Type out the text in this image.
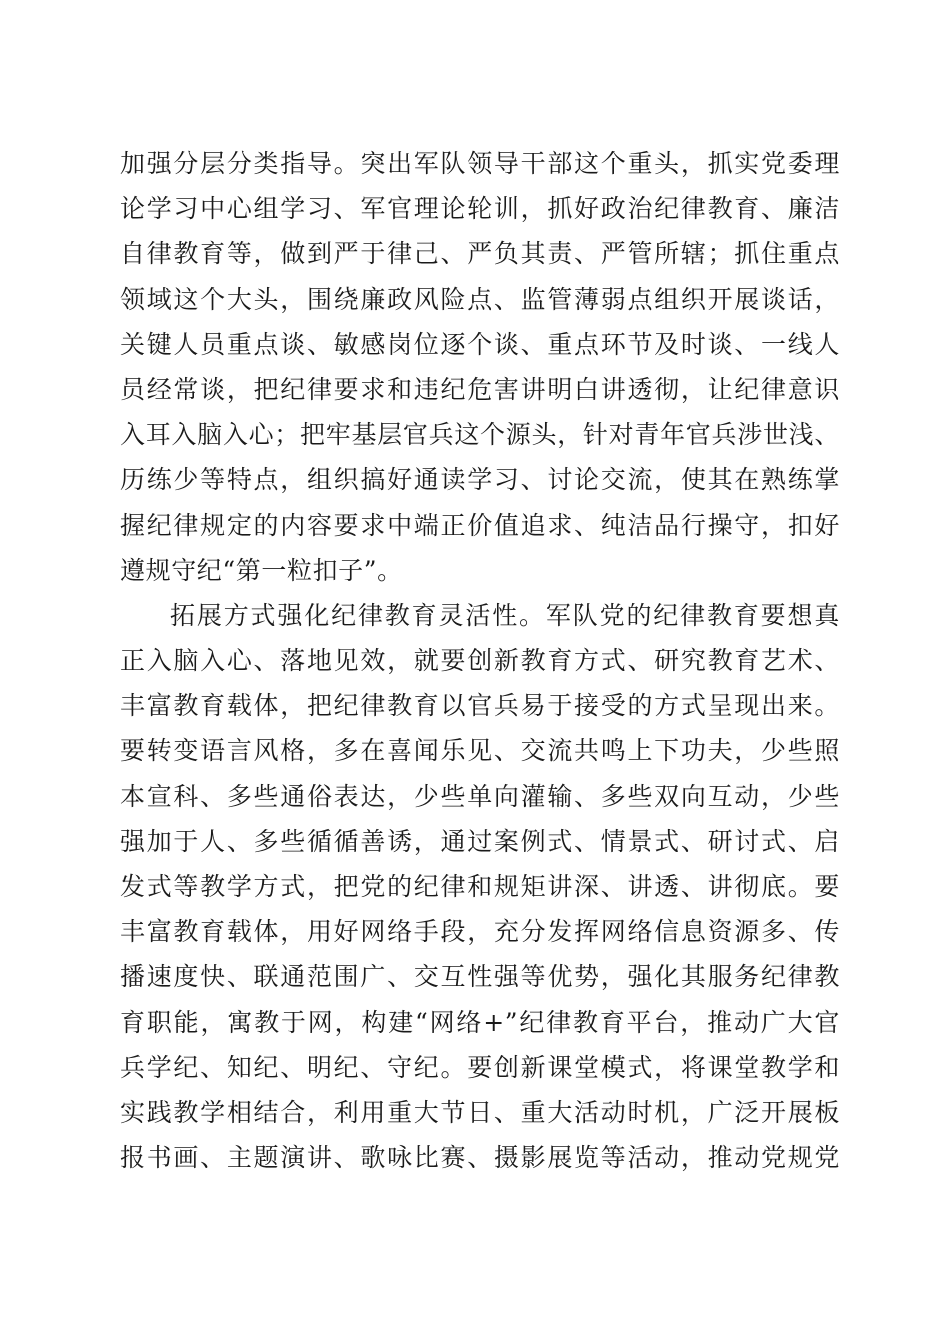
加强分层分类指导。突出军队领导干部这个重头，抓实党委理
论学习中心组学习、军官理论轮训，抓好政治纪律教育、廉洁
自律教育等，做到严于律己、严负其责、严管所辖；抓住重点
领域这个大头，围绕廉政风险点、监管薄弱点组织开展谈话，
关键人员重点谈、敏感岗位逐个谈、重点环节及时谈、一线人
员经常谈，把纪律要求和违纪危害讲明白讲透彻，让纪律意识
入耳入脑入心；把牢基层官兵这个源头，针对青年官兵涉世浅、
历练少等特点，组织搞好通读学习、讨论交流，使其在熟练掌
握纪律规定的内容要求中端正价值追求、纯洁品行操守，扣好
遵规守纪“第一粒扣子”。
拓展方式强化纪律教育灵活性。军队党的纪律教育要想真
正入脑入心、落地见效，就要创新教育方式、研究教育艺术、
丰富教育载体，把纪律教育以官兵易于接受的方式呈现出来。
要转变语言风格，多在喜闻乐见、交流共鸣上下功夫，少些照
本宣科、多些通俗表达，少些单向灌输、多些双向互动，少些
强加于人、多些循循善诱，通过案例式、情景式、研讨式、启
发式等教学方式，把党的纪律和规矩讲深、讲透、讲彻底。要
丰富教育载体，用好网络手段，充分发挥网络信息资源多、传
播速度快、联通范围广、交互性强等优势，强化其服务纪律教
育职能，寓教于网，构建“网络+”纪律教育平台，推动广大官
兵学纪、知纪、明纪、守纪。要创新课堂模式，将课堂教学和
实践教学相结合，利用重大节日、重大活动时机，广泛开展板
报书画、主题演讲、歌咏比赛、摄影展览等活动，推动党规党
